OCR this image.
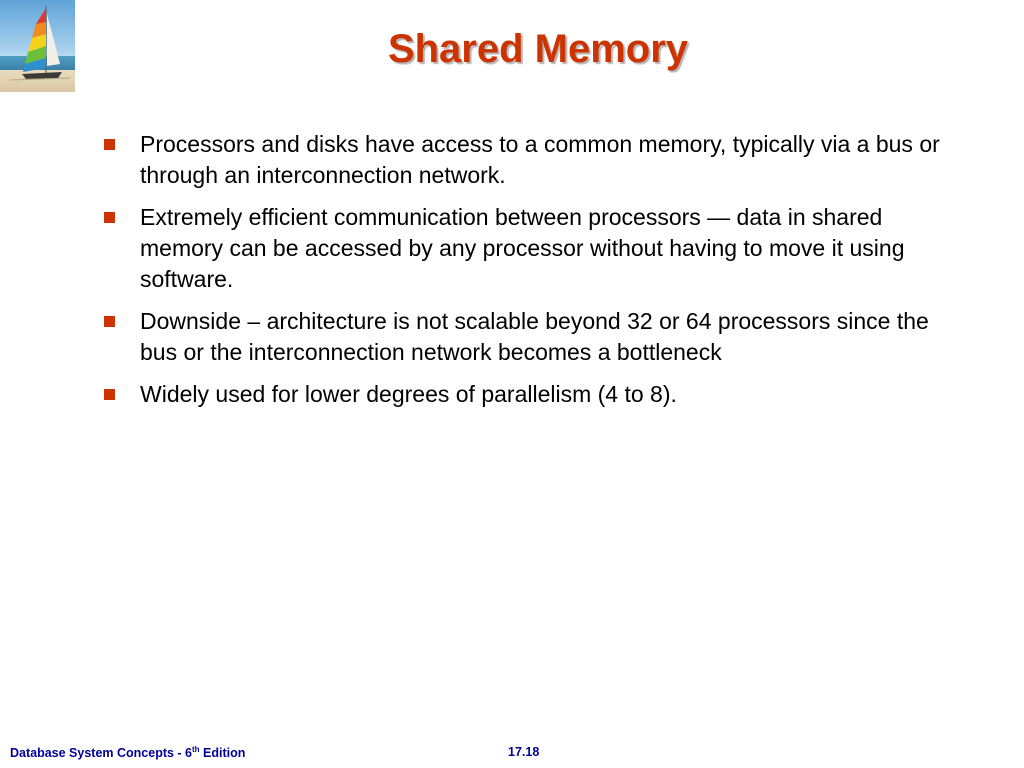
Shared Memory
Processors and disks have access to a common memory, typically via a bus or through an interconnection network.
Extremely efficient communication between processors — data in shared memory can be accessed by any processor without having to move it using software.
Downside – architecture is not scalable beyond 32 or 64 processors since the bus or the interconnection network becomes a bottleneck
Widely used for lower degrees of parallelism (4 to 8).
Database System Concepts - 6th Edition	17.18
